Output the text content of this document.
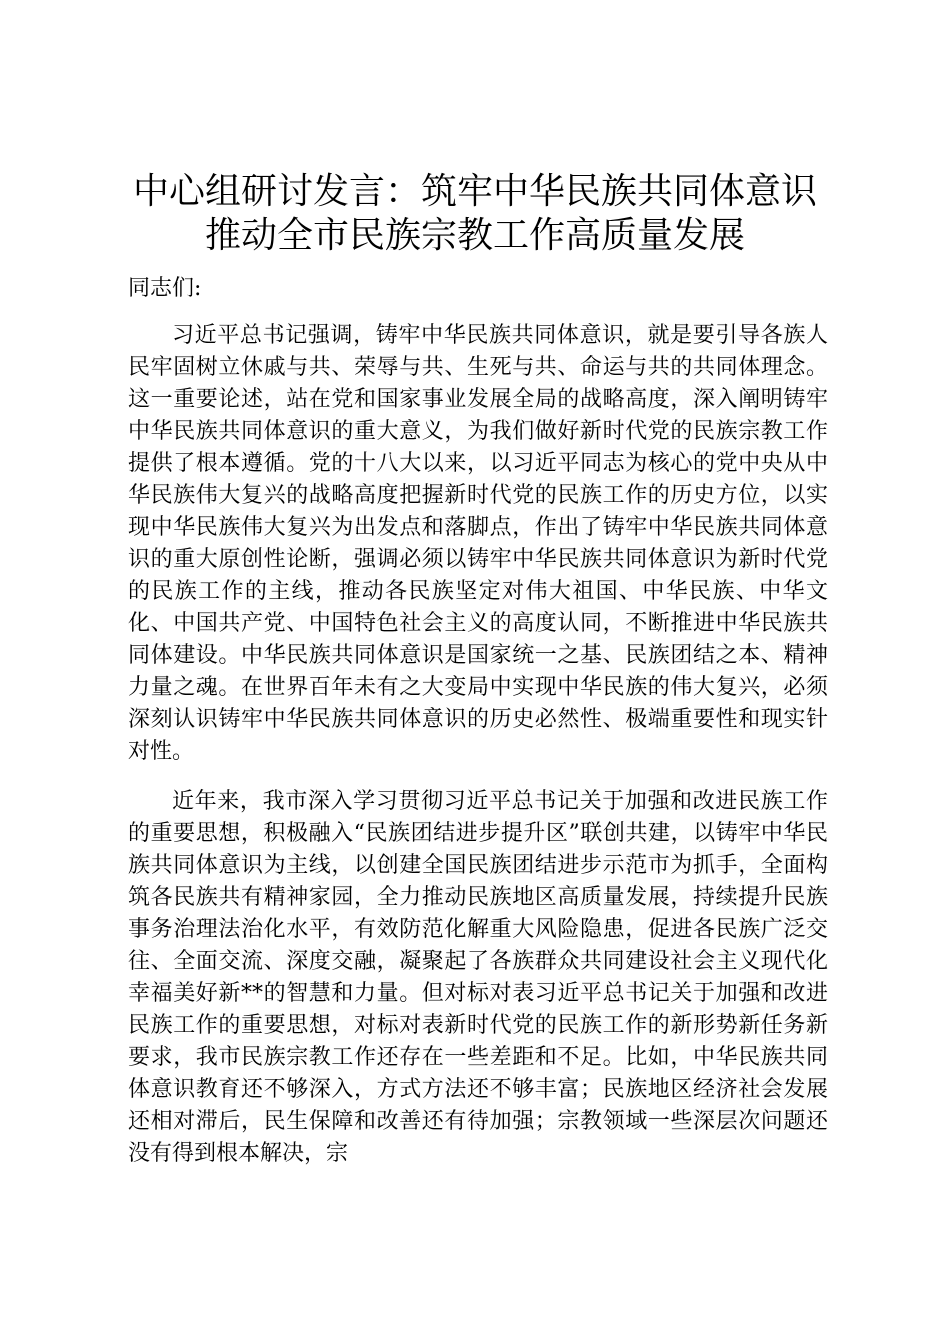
中心组研讨发言：筑牢中华民族共同体意识推动全市民族宗教工作高质量发展

同志们:

习近平总书记强调，铸牢中华民族共同体意识，就是要引导各族人民牢固树立休戚与共、荣辱与共、生死与共、命运与共的共同体理念。这一重要论述，站在党和国家事业发展全局的战略高度，深入阐明铸牢中华民族共同体意识的重大意义，为我们做好新时代党的民族宗教工作提供了根本遵循。党的十八大以来，以习近平同志为核心的党中央从中华民族伟大复兴的战略高度把握新时代党的民族工作的历史方位，以实现中华民族伟大复兴为出发点和落脚点，作出了铸牢中华民族共同体意识的重大原创性论断，强调必须以铸牢中华民族共同体意识为新时代党的民族工作的主线，推动各民族坚定对伟大祖国、中华民族、中华文化、中国共产党、中国特色社会主义的高度认同，不断推进中华民族共同体建设。中华民族共同体意识是国家统一之基、民族团结之本、精神力量之魂。在世界百年未有之大变局中实现中华民族的伟大复兴，必须深刻认识铸牢中华民族共同体意识的历史必然性、极端重要性和现实针对性。

近年来，我市深入学习贯彻习近平总书记关于加强和改进民族工作的重要思想，积极融入“民族团结进步提升区”联创共建，以铸牢中华民族共同体意识为主线，以创建全国民族团结进步示范市为抓手，全面构筑各民族共有精神家园，全力推动民族地区高质量发展，持续提升民族事务治理法治化水平，有效防范化解重大风险隐患，促进各民族广泛交往、全面交流、深度交融，凝聚起了各族群众共同建设社会主义现代化幸福美好新**的智慧和力量。但对标对表习近平总书记关于加强和改进民族工作的重要思想，对标对表新时代党的民族工作的新形势新任务新要求，我市民族宗教工作还存在一些差距和不足。比如，中华民族共同体意识教育还不够深入，方式方法还不够丰富；民族地区经济社会发展还相对滞后，民生保障和改善还有待加强；宗教领域一些深层次问题还没有得到根本解决，宗
